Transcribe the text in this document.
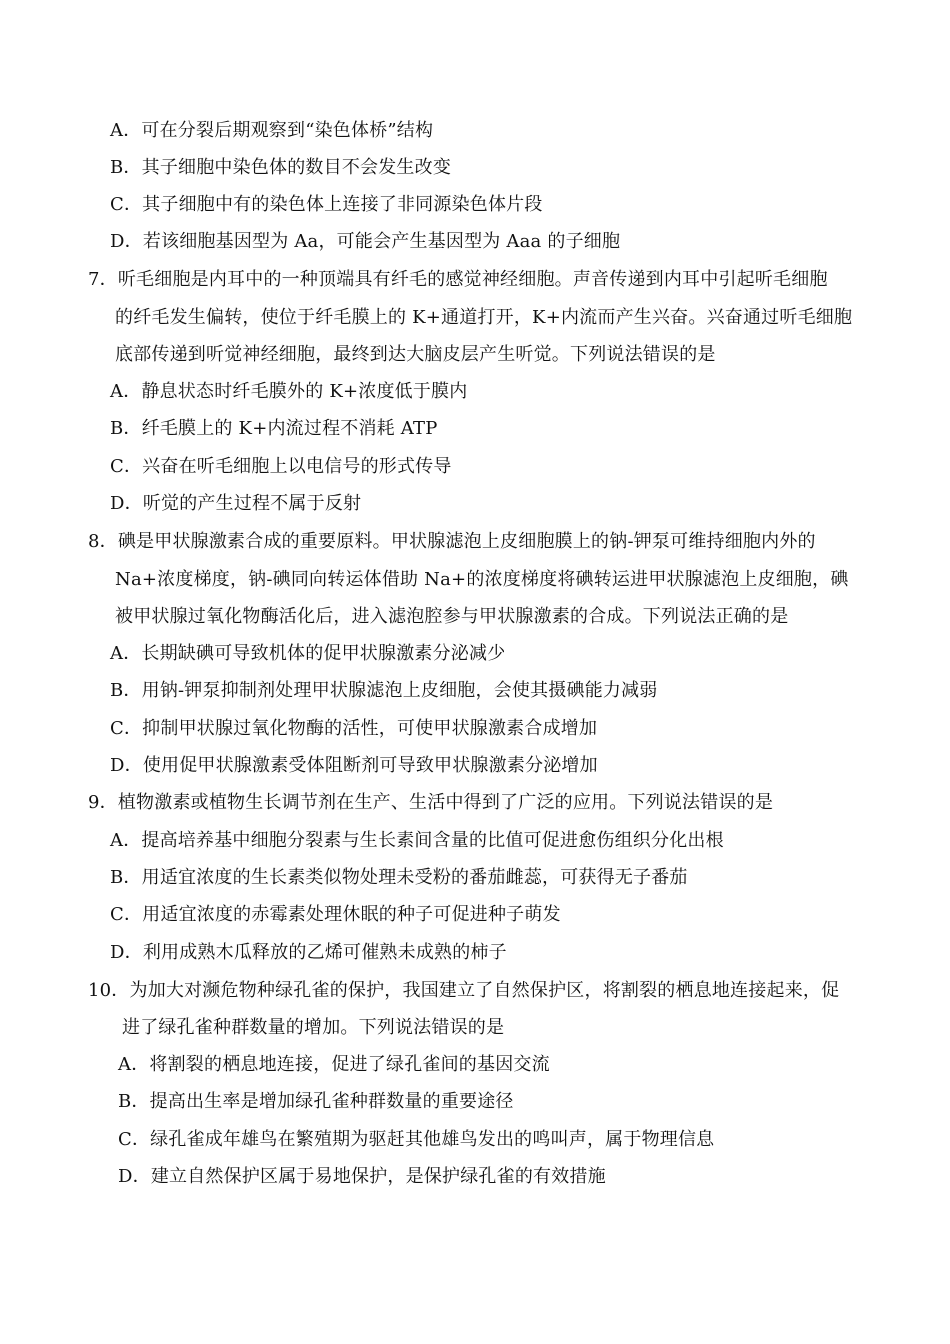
A．可在分裂后期观察到“染色体桥”结构
B．其子细胞中染色体的数目不会发生改变
C．其子细胞中有的染色体上连接了非同源染色体片段
D．若该细胞基因型为 Aa，可能会产生基因型为 Aaa 的子细胞
7．听毛细胞是内耳中的一种顶端具有纤毛的感觉神经细胞。声音传递到内耳中引起听毛细胞
的纤毛发生偏转，使位于纤毛膜上的 K+通道打开，K+内流而产生兴奋。兴奋通过听毛细胞
底部传递到听觉神经细胞，最终到达大脑皮层产生听觉。下列说法错误的是
A．静息状态时纤毛膜外的 K+浓度低于膜内
B．纤毛膜上的 K+内流过程不消耗 ATP
C．兴奋在听毛细胞上以电信号的形式传导
D．听觉的产生过程不属于反射
8．碘是甲状腺激素合成的重要原料。甲状腺滤泡上皮细胞膜上的钠-钾泵可维持细胞内外的
Na+浓度梯度，钠-碘同向转运体借助 Na+的浓度梯度将碘转运进甲状腺滤泡上皮细胞，碘
被甲状腺过氧化物酶活化后，进入滤泡腔参与甲状腺激素的合成。下列说法正确的是
A．长期缺碘可导致机体的促甲状腺激素分泌减少
B．用钠-钾泵抑制剂处理甲状腺滤泡上皮细胞，会使其摄碘能力减弱
C．抑制甲状腺过氧化物酶的活性，可使甲状腺激素合成增加
D．使用促甲状腺激素受体阻断剂可导致甲状腺激素分泌增加
9．植物激素或植物生长调节剂在生产、生活中得到了广泛的应用。下列说法错误的是
A．提高培养基中细胞分裂素与生长素间含量的比值可促进愈伤组织分化出根
B．用适宜浓度的生长素类似物处理未受粉的番茄雌蕊，可获得无子番茄
C．用适宜浓度的赤霉素处理休眠的种子可促进种子萌发
D．利用成熟木瓜释放的乙烯可催熟未成熟的柿子
10．为加大对濒危物种绿孔雀的保护，我国建立了自然保护区，将割裂的栖息地连接起来，促
进了绿孔雀种群数量的增加。下列说法错误的是
A．将割裂的栖息地连接，促进了绿孔雀间的基因交流
B．提高出生率是增加绿孔雀种群数量的重要途径
C．绿孔雀成年雄鸟在繁殖期为驱赶其他雄鸟发出的鸣叫声，属于物理信息
D．建立自然保护区属于易地保护，是保护绿孔雀的有效措施
